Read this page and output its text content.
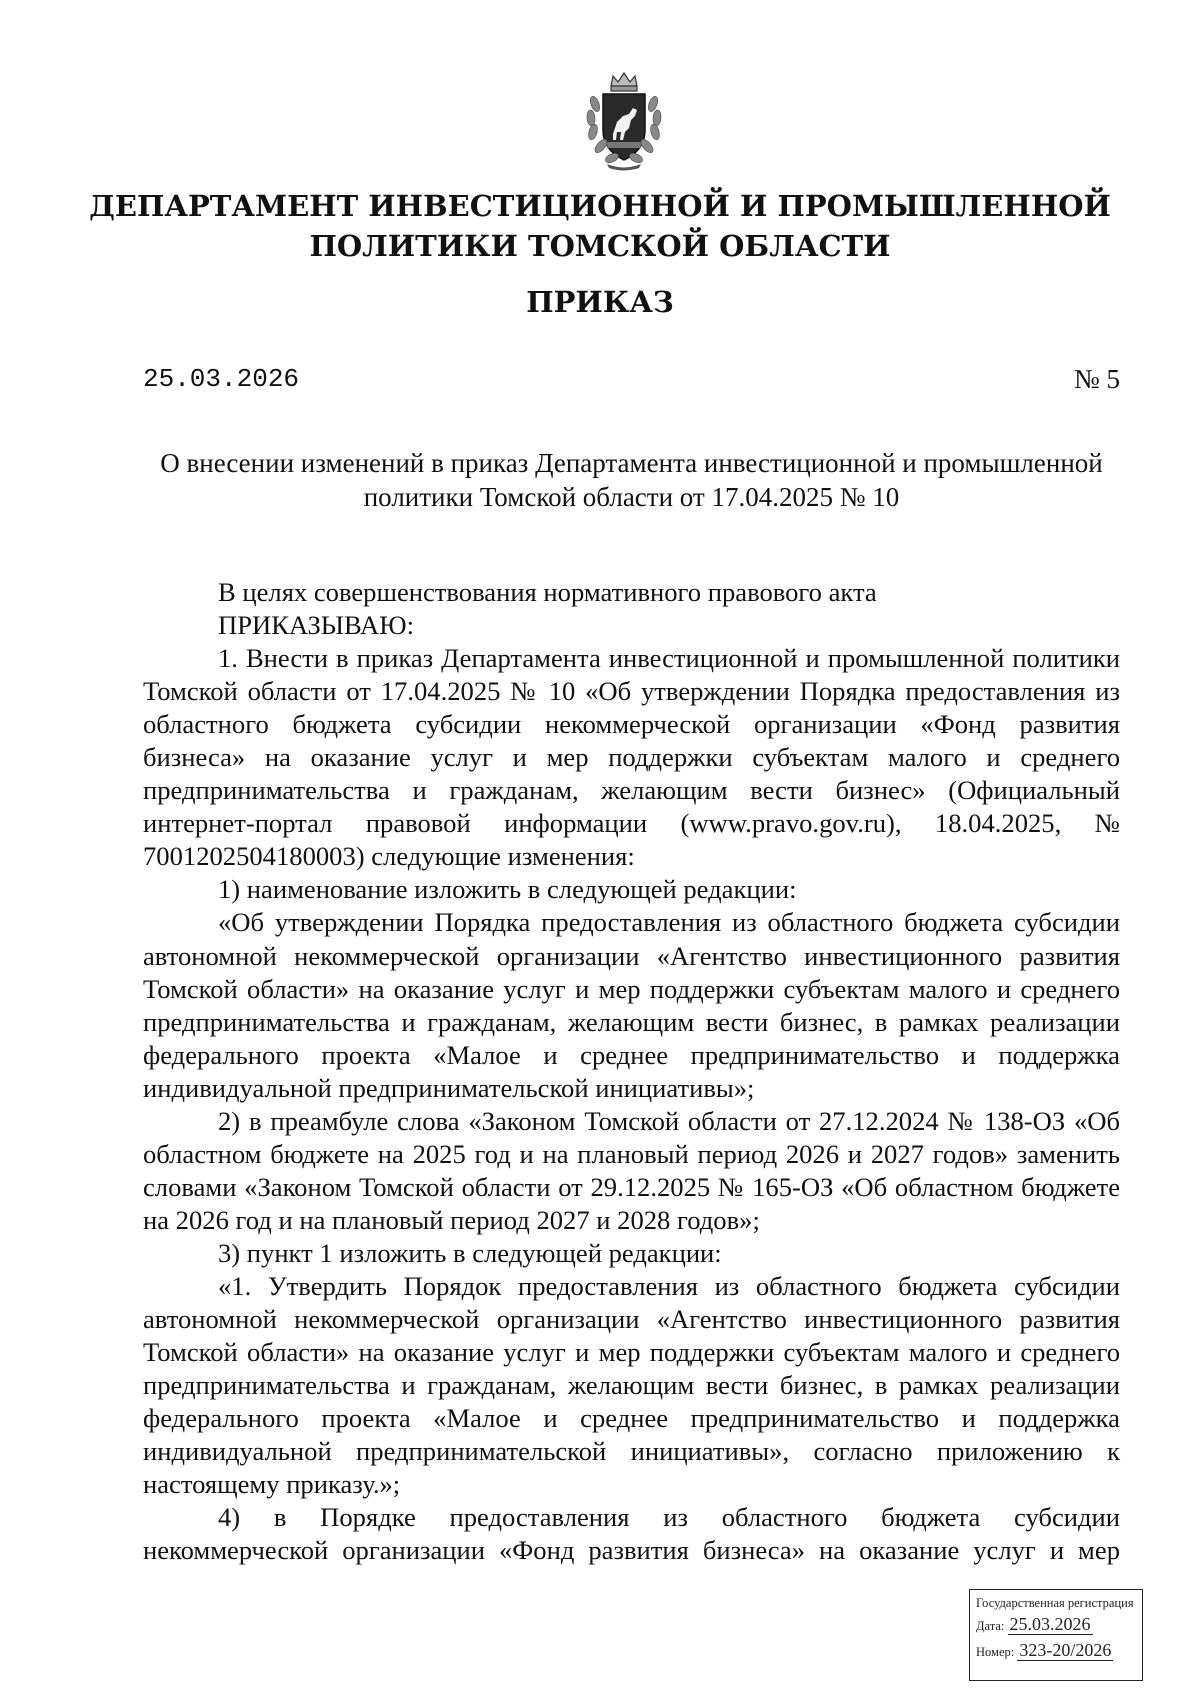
ДЕПАРТАМЕНТ ИНВЕСТИЦИОННОЙ И ПРОМЫШЛЕННОЙ ПОЛИТИКИ ТОМСКОЙ ОБЛАСТИ
ПРИКАЗ
25.03.2026	№ 5

О внесении изменений в приказ Департамента инвестиционной и промышленной политики Томской области от 17.04.2025 № 10

В целях совершенствования нормативного правового акта

ПРИКАЗЫВАЮ:

1. Внести в приказ Департамента инвестиционной и промышленной политики Томской области от 17.04.2025 № 10 «Об утверждении Порядка предоставления из областного бюджета субсидии некоммерческой организации «Фонд развития бизнеса» на оказание услуг и мер поддержки субъектам малого и среднего предпринимательства и гражданам, желающим вести бизнес» (Официальный интернет-портал правовой информации (www.pravo.gov.ru), 18.04.2025, № 7001202504180003) следующие изменения:

1) наименование изложить в следующей редакции:

«Об утверждении Порядка предоставления из областного бюджета субсидии автономной некоммерческой организации «Агентство инвестиционного развития Томской области» на оказание услуг и мер поддержки субъектам малого и среднего предпринимательства и гражданам, желающим вести бизнес, в рамках реализации федерального проекта «Малое и среднее предпринимательство и поддержка индивидуальной предпринимательской инициативы»;

2) в преамбуле слова «Законом Томской области от 27.12.2024 № 138-ОЗ «Об областном бюджете на 2025 год и на плановый период 2026 и 2027 годов» заменить словами «Законом Томской области от 29.12.2025 № 165-ОЗ «Об областном бюджете на 2026 год и на плановый период 2027 и 2028 годов»;

3) пункт 1 изложить в следующей редакции:

«1. Утвердить Порядок предоставления из областного бюджета субсидии автономной некоммерческой организации «Агентство инвестиционного развития Томской области» на оказание услуг и мер поддержки субъектам малого и среднего предпринимательства и гражданам, желающим вести бизнес, в рамках реализации федерального проекта «Малое и среднее предпринимательство и поддержка индивидуальной предпринимательской инициативы», согласно приложению к настоящему приказу.»;

4) в Порядке предоставления из областного бюджета субсидии некоммерческой организации «Фонд развития бизнеса» на оказание услуг и мер

Государственная регистрация
Дата: 25.03.2026
Номер: 323-20/2026
